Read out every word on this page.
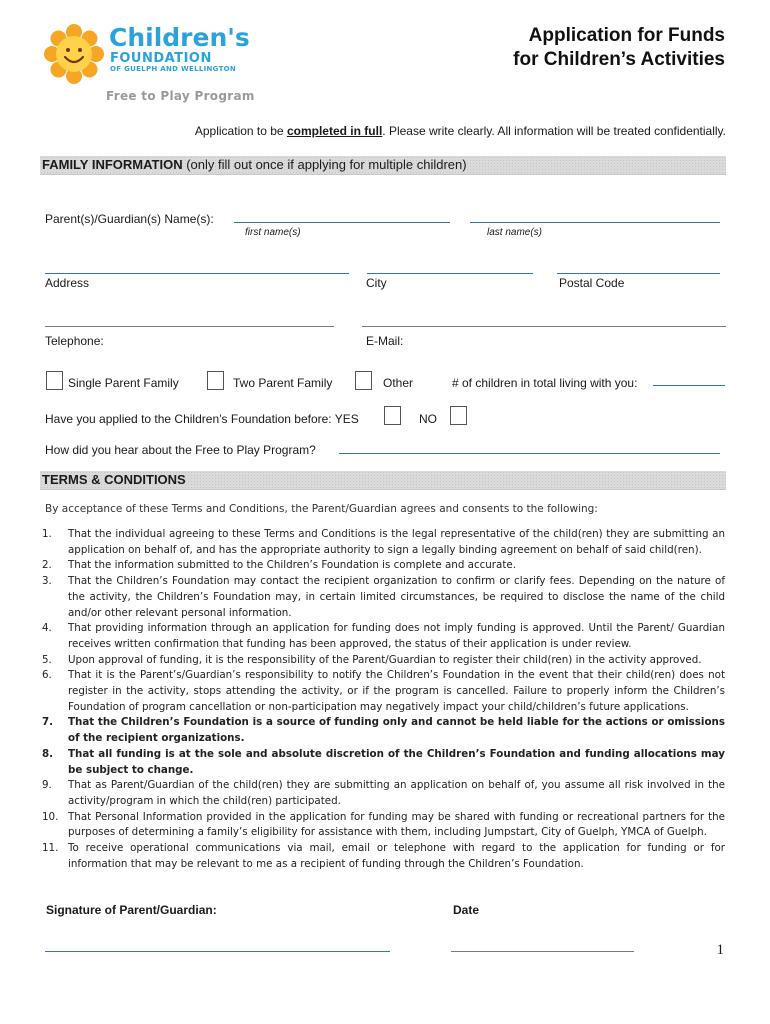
Children's
FOUNDATION
OF GUELPH AND WELLINGTON
Free to Play Program
Application for Funds
for Children’s Activities
Application to be completed in full. Please write clearly. All information will be treated confidentially.
FAMILY INFORMATION (only fill out once if applying for multiple children)
Parent(s)/Guardian(s) Name(s):
first name(s)	last name(s)
Address	City	Postal Code
Telephone:	E-Mail:
Single Parent Family	Two Parent Family	Other	# of children in total living with you:
Have you applied to the Children’s Foundation before: YES	NO
How did you hear about the Free to Play Program?
TERMS & CONDITIONS
By acceptance of these Terms and Conditions, the Parent/Guardian agrees and consents to the following:
1.	That the individual agreeing to these Terms and Conditions is the legal representative of the child(ren) they are submitting an application on behalf of, and has the appropriate authority to sign a legally binding agreement on behalf of said child(ren).
2.	That the information submitted to the Children’s Foundation is complete and accurate.
3.	That the Children’s Foundation may contact the recipient organization to confirm or clarify fees. Depending on the nature of the activity, the Children’s Foundation may, in certain limited circumstances, be required to disclose the name of the child and/or other relevant personal information.
4.	That providing information through an application for funding does not imply funding is approved. Until the Parent/ Guardian receives written confirmation that funding has been approved, the status of their application is under review.
5.	Upon approval of funding, it is the responsibility of the Parent/Guardian to register their child(ren) in the activity approved.
6.	That it is the Parent’s/Guardian’s responsibility to notify the Children’s Foundation in the event that their child(ren) does not register in the activity, stops attending the activity, or if the program is cancelled. Failure to properly inform the Children’s Foundation of program cancellation or non-participation may negatively impact your child/children’s future applications.
7.	That the Children’s Foundation is a source of funding only and cannot be held liable for the actions or omissions of the recipient organizations.
8.	That all funding is at the sole and absolute discretion of the Children’s Foundation and funding allocations may be subject to change.
9.	That as Parent/Guardian of the child(ren) they are submitting an application on behalf of, you assume all risk involved in the activity/program in which the child(ren) participated.
10. That Personal Information provided in the application for funding may be shared with funding or recreational partners for the purposes of determining a family’s eligibility for assistance with them, including Jumpstart, City of Guelph, YMCA of Guelph.
11. To receive operational communications via mail, email or telephone with regard to the application for funding or for information that may be relevant to me as a recipient of funding through the Children’s Foundation.
Signature of Parent/Guardian:	Date
1
